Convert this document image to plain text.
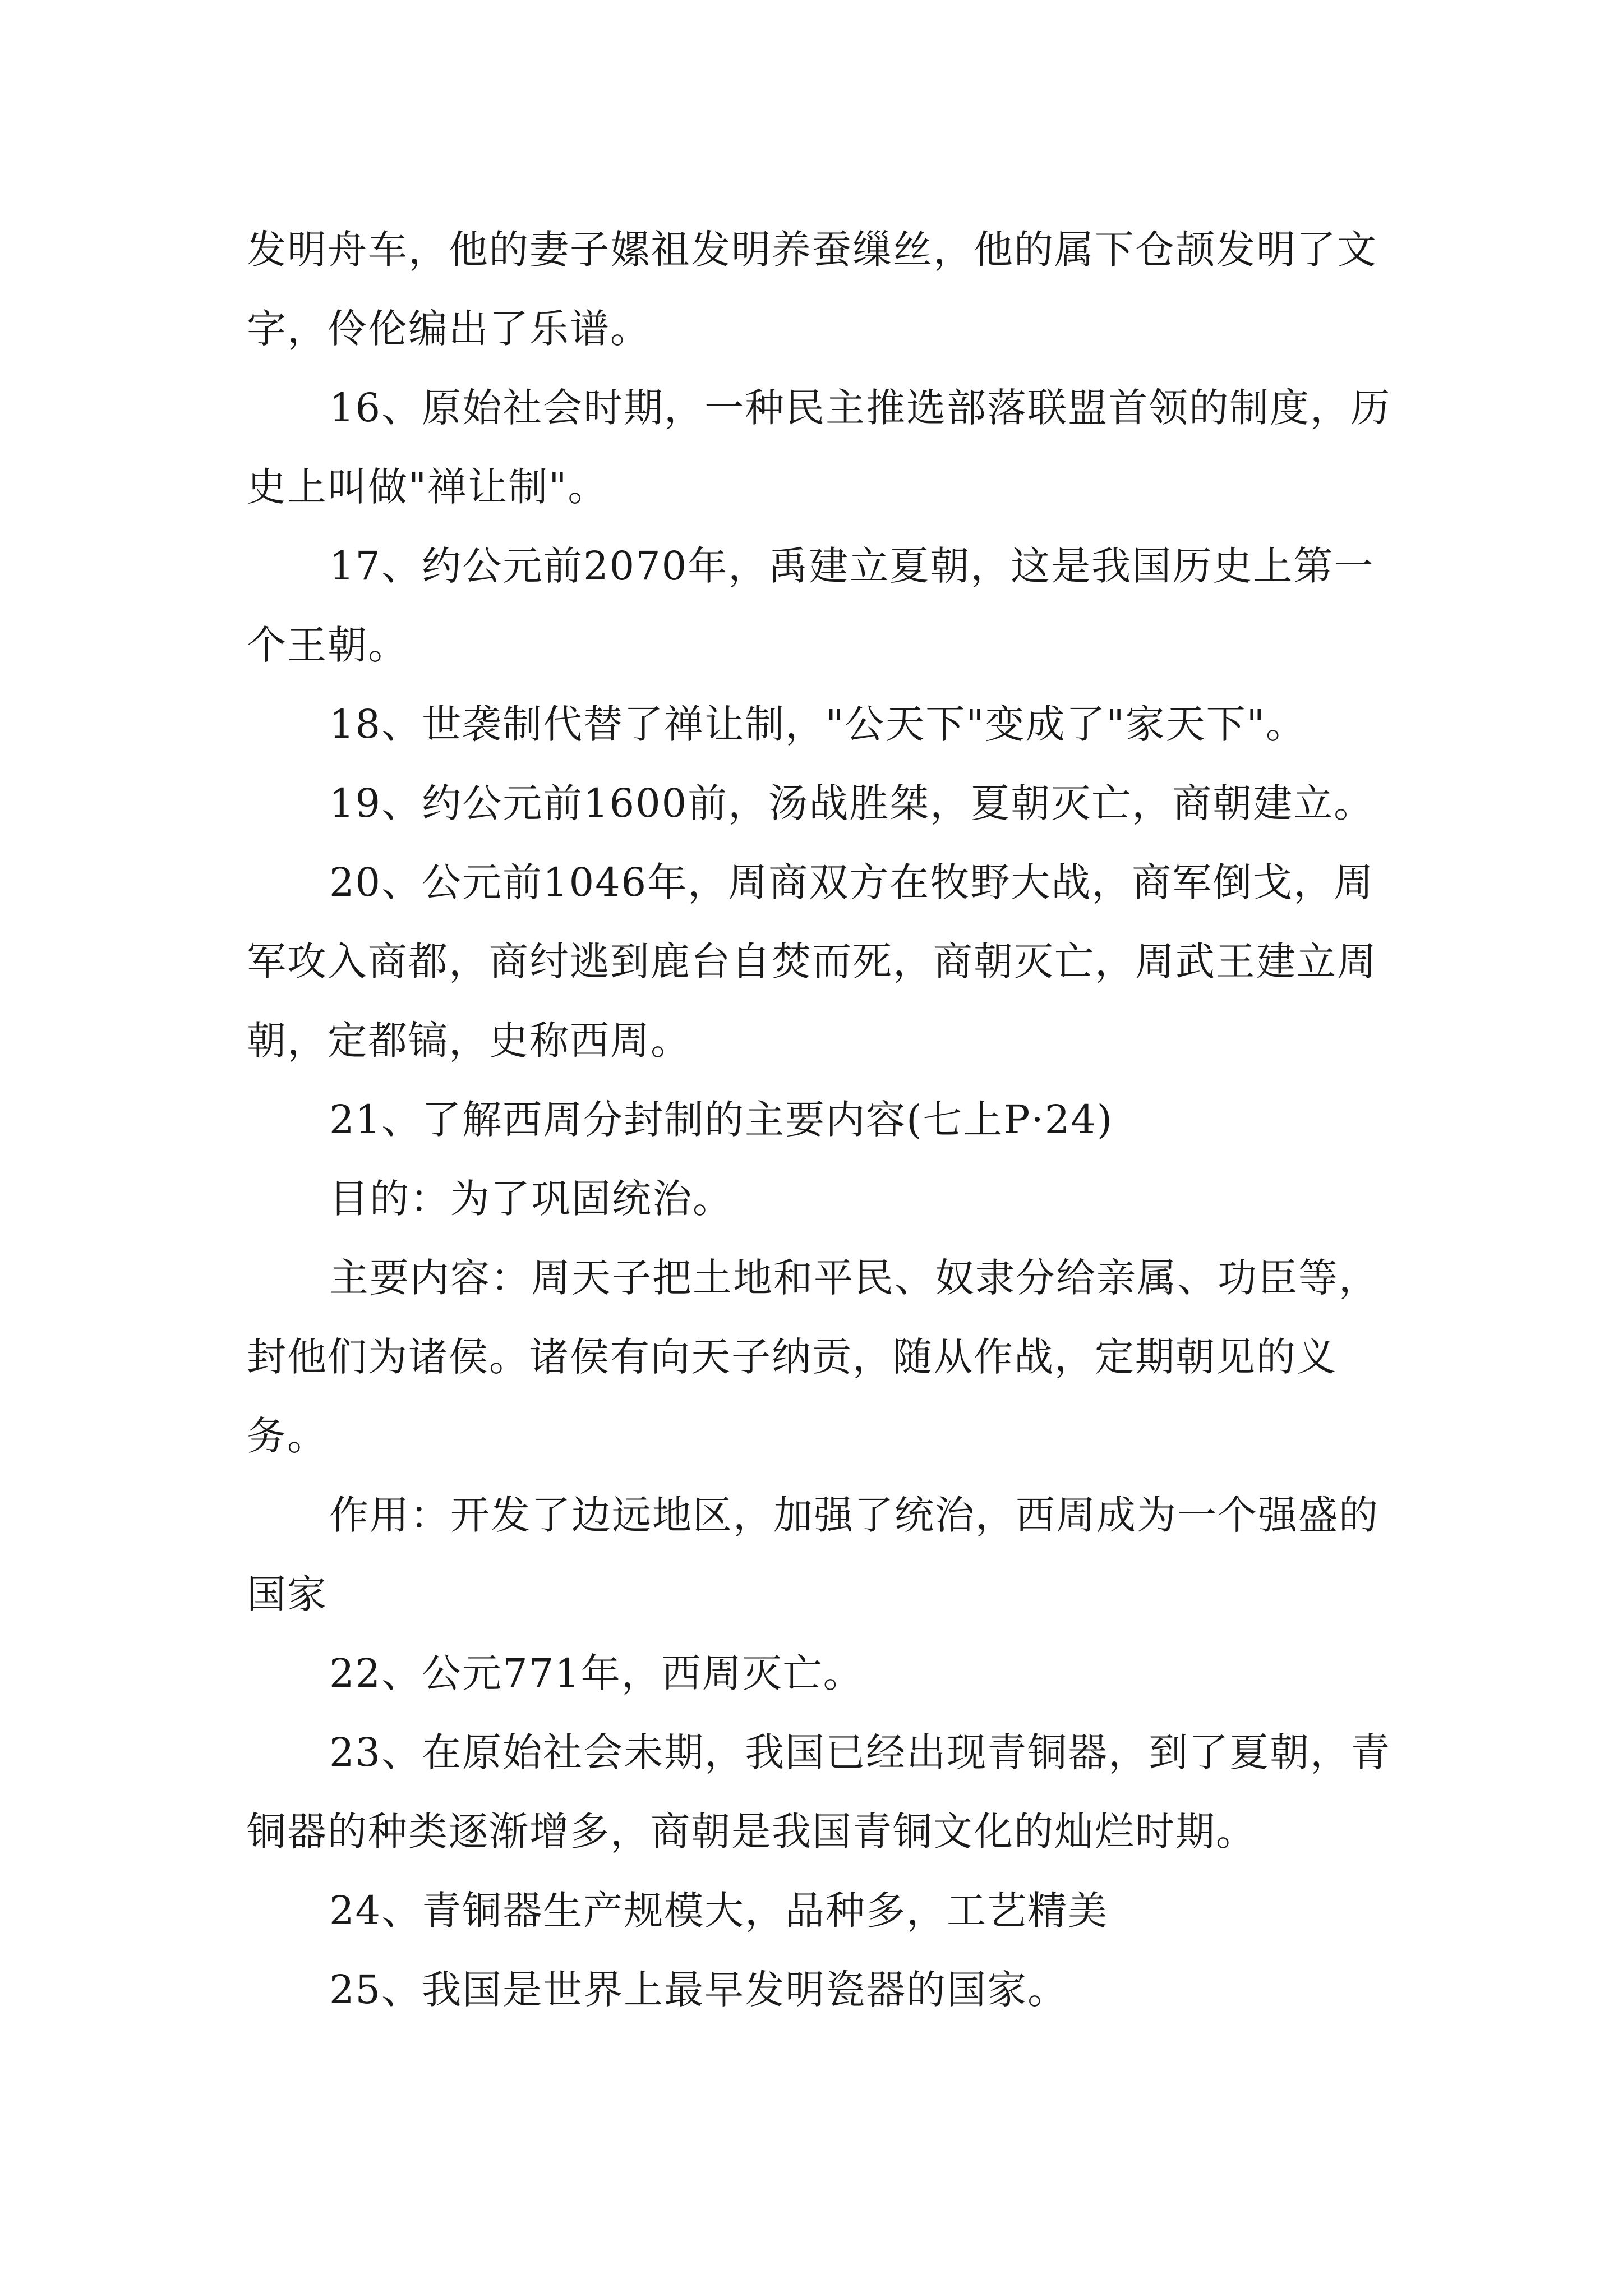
发明舟车，他的妻子嫘祖发明养蚕缫丝，他的属下仓颉发明了文字，伶伦编出了乐谱。

16、原始社会时期，一种民主推选部落联盟首领的制度，历史上叫做"禅让制"。

17、约公元前2070年，禹建立夏朝，这是我国历史上第一个王朝。

18、世袭制代替了禅让制，"公天下"变成了"家天下"。

19、约公元前1600前，汤战胜桀，夏朝灭亡，商朝建立。

20、公元前1046年，周商双方在牧野大战，商军倒戈，周军攻入商都，商纣逃到鹿台自焚而死，商朝灭亡，周武王建立周朝，定都镐，史称西周。

21、了解西周分封制的主要内容(七上P·24)

目的：为了巩固统治。

主要内容：周天子把土地和平民、奴隶分给亲属、功臣等，封他们为诸侯。诸侯有向天子纳贡，随从作战，定期朝见的义务。

作用：开发了边远地区，加强了统治，西周成为一个强盛的国家

22、公元771年，西周灭亡。

23、在原始社会未期，我国已经出现青铜器，到了夏朝，青铜器的种类逐渐增多，商朝是我国青铜文化的灿烂时期。

24、青铜器生产规模大，品种多，工艺精美

25、我国是世界上最早发明瓷器的国家。
